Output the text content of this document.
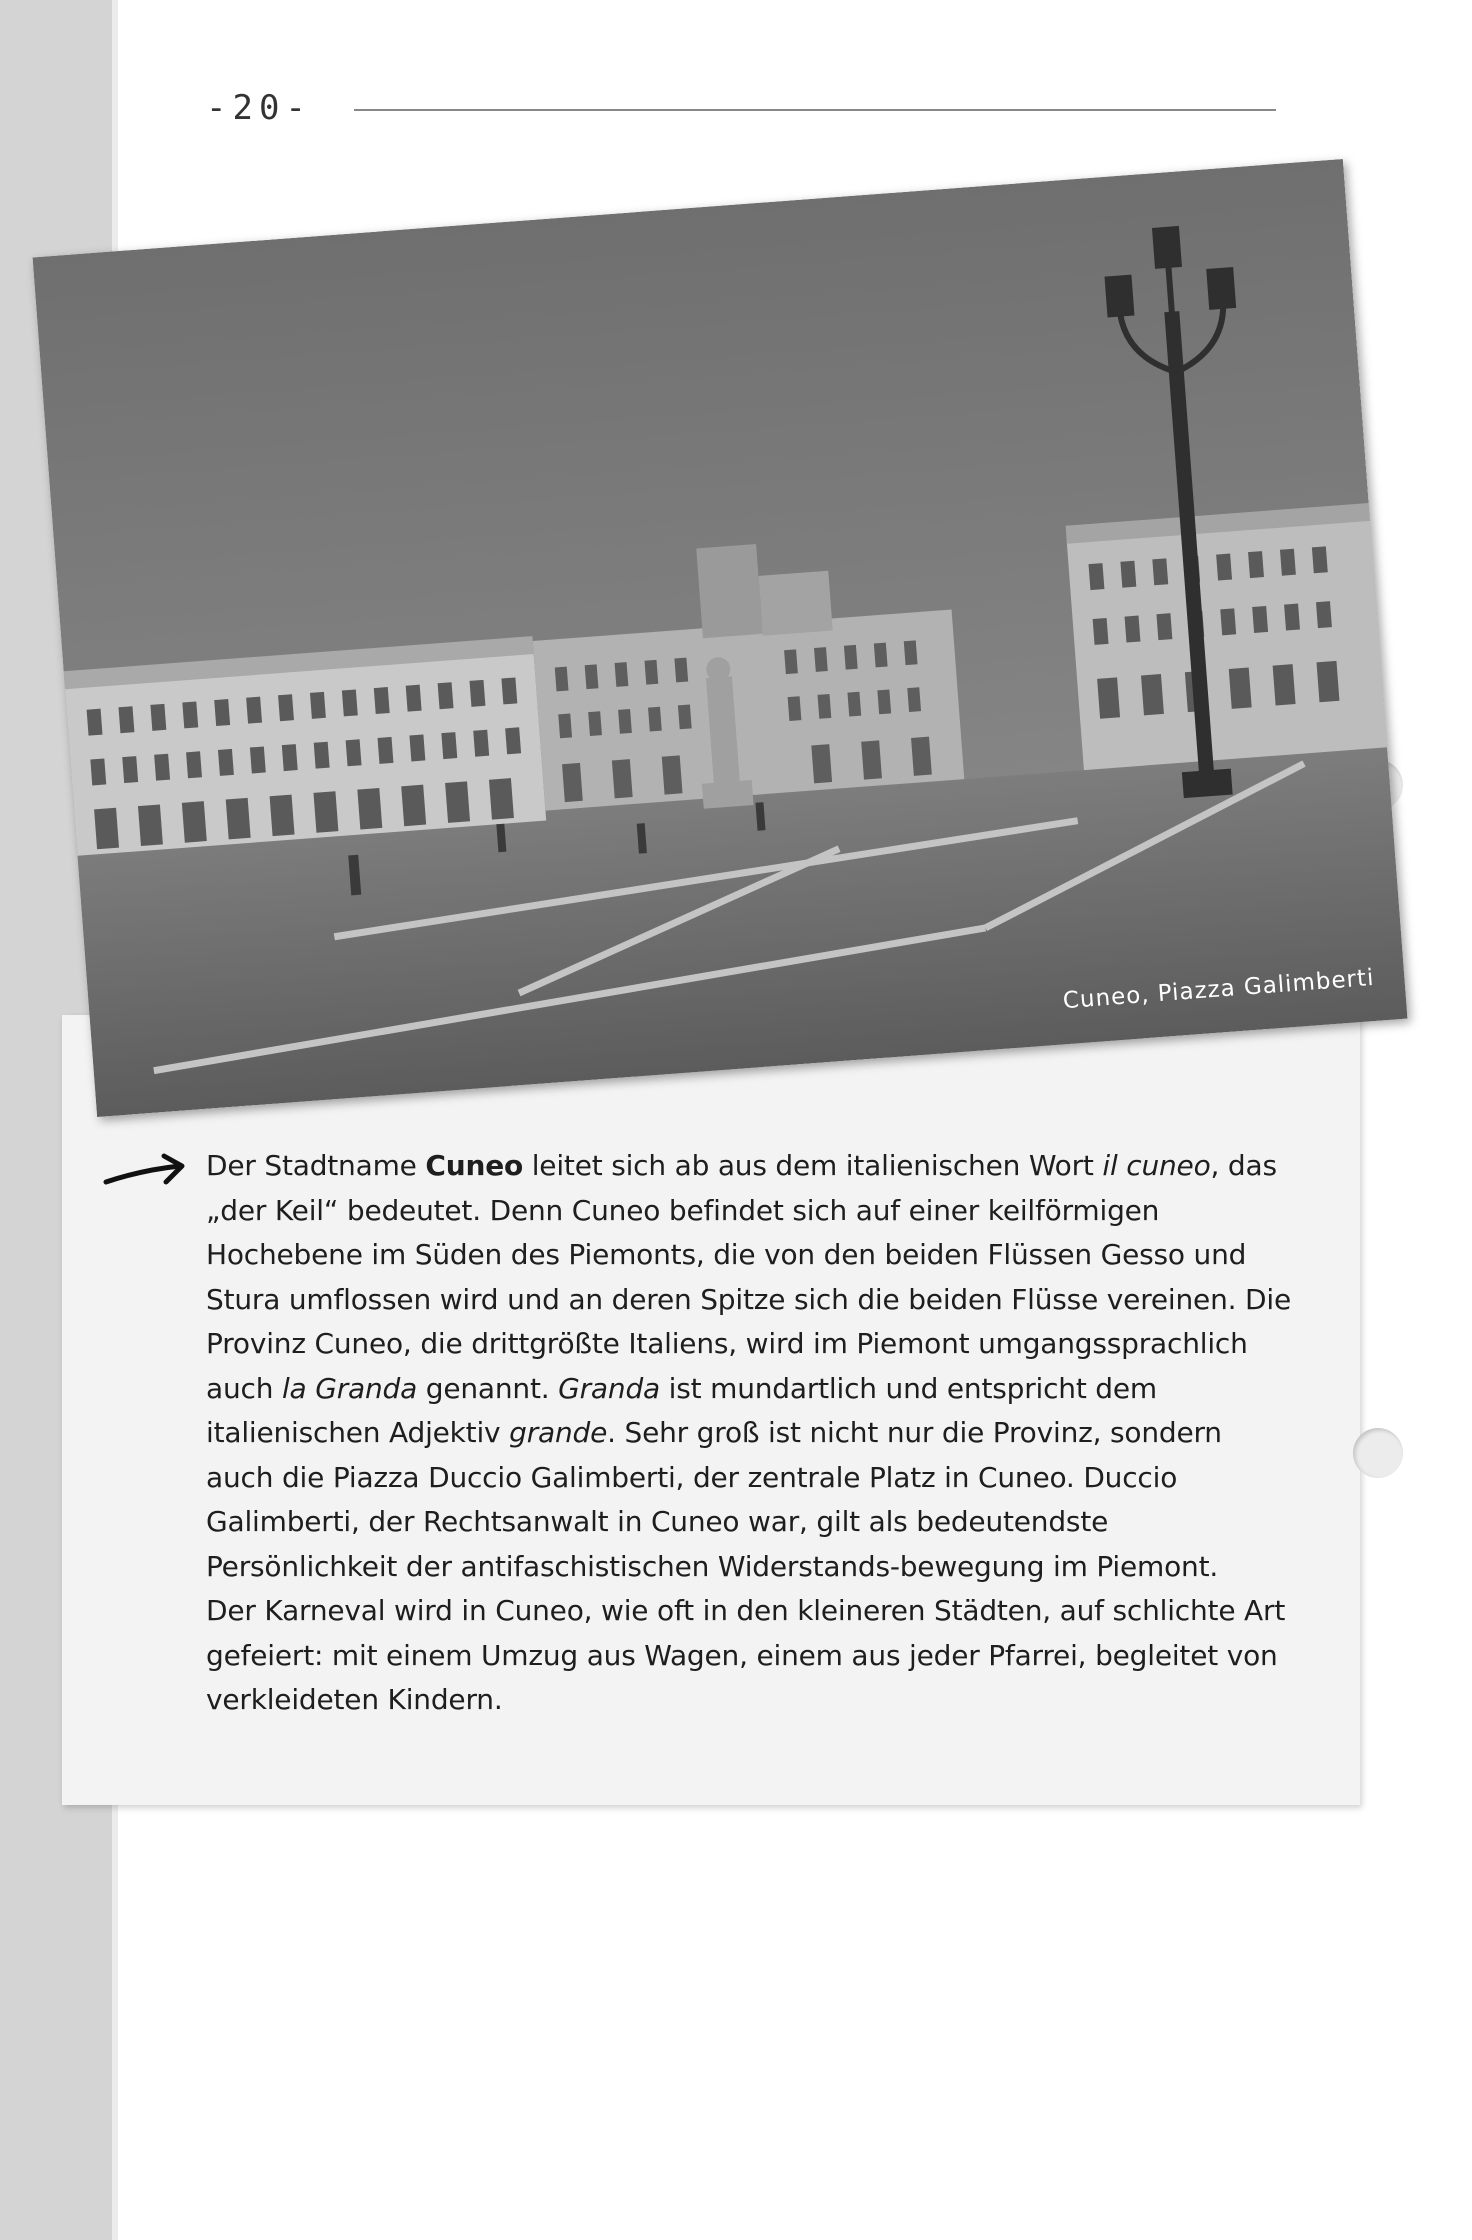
-20-
Cuneo, Piazza Galimberti

Der Stadtname Cuneo leitet sich ab aus dem italienischen Wort il cuneo, das „der Keil“ bedeutet. Denn Cuneo befindet sich auf einer keilförmigen Hochebene im Süden des Piemonts, die von den beiden Flüssen Gesso und Stura umflossen wird und an deren Spitze sich die beiden Flüsse vereinen. Die Provinz Cuneo, die drittgrößte Italiens, wird im Piemont umgangssprachlich auch la Granda genannt. Granda ist mundartlich und entspricht dem italienischen Adjektiv grande. Sehr groß ist nicht nur die Provinz, sondern auch die Piazza Duccio Galimberti, der zentrale Platz in Cuneo. Duccio Galimberti, der Rechtsanwalt in Cuneo war, gilt als bedeutendste Persönlichkeit der antifaschistischen Widerstands-bewegung im Piemont.

Der Karneval wird in Cuneo, wie oft in den kleineren Städten, auf schlichte Art gefeiert: mit einem Umzug aus Wagen, einem aus jeder Pfarrei, begleitet von verkleideten Kindern.
